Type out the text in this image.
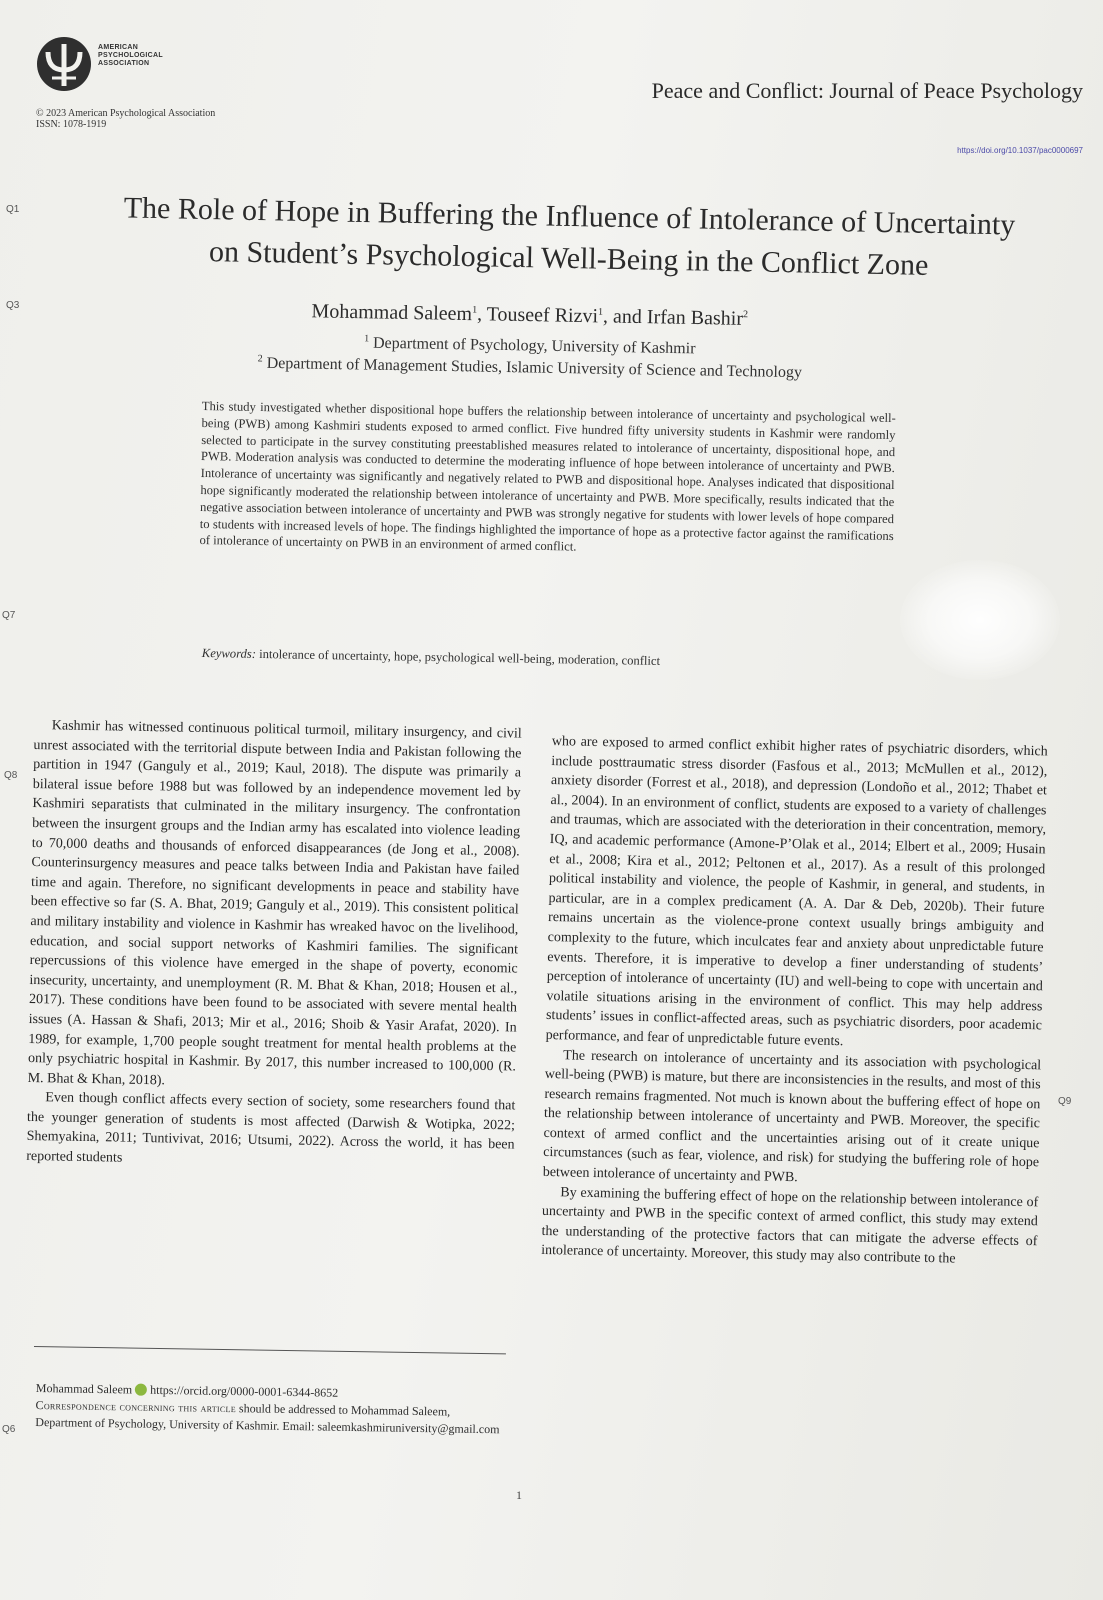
AMERICAN
PSYCHOLOGICAL
ASSOCIATION
© 2023 American Psychological Association
ISSN: 1078-1919
Peace and Conflict: Journal of Peace Psychology
https://doi.org/10.1037/pac0000697
Q1
Q3
Q7
Q8
Q9
Q6
The Role of Hope in Buffering the Influence of Intolerance of Uncertainty
on Student’s Psychological Well-Being in the Conflict Zone
Mohammad Saleem$^1$, Touseef Rizvi$^1$, and Irfan Bashir$^2$
$^1$ Department of Psychology, University of Kashmir
$^2$ Department of Management Studies, Islamic University of Science and Technology
This study investigated whether dispositional hope buffers the relationship between intolerance of uncertainty and psychological well-being (PWB) among Kashmiri students exposed to armed conflict. Five hundred fifty university students in Kashmir were randomly selected to participate in the survey constituting preestablished measures related to intolerance of uncertainty, dispositional hope, and PWB. Moderation analysis was conducted to determine the moderating influence of hope between intolerance of uncertainty and PWB. Intolerance of uncertainty was significantly and negatively related to PWB and dispositional hope. Analyses indicated that dispositional hope significantly moderated the relationship between intolerance of uncertainty and PWB. More specifically, results indicated that the negative association between intolerance of uncertainty and PWB was strongly negative for students with lower levels of hope compared to students with increased levels of hope. The findings highlighted the importance of hope as a protective factor against the ramifications of intolerance of uncertainty on PWB in an environment of armed conflict.
Keywords: intolerance of uncertainty, hope, psychological well-being, moderation, conflict

Kashmir has witnessed continuous political turmoil, military insurgency, and civil unrest associated with the territorial dispute between India and Pakistan following the partition in 1947 (Ganguly et al., 2019; Kaul, 2018). The dispute was primarily a bilateral issue before 1988 but was followed by an independence movement led by Kashmiri separatists that culminated in the military insurgency. The confrontation between the insurgent groups and the Indian army has escalated into violence leading to 70,000 deaths and thousands of enforced disappearances (de Jong et al., 2008). Counterinsurgency measures and peace talks between India and Pakistan have failed time and again. Therefore, no significant developments in peace and stability have been effective so far (S. A. Bhat, 2019; Ganguly et al., 2019). This consistent political and military instability and violence in Kashmir has wreaked havoc on the livelihood, education, and social support networks of Kashmiri families. The significant repercussions of this violence have emerged in the shape of poverty, economic insecurity, uncertainty, and unemployment (R. M. Bhat & Khan, 2018; Housen et al., 2017). These conditions have been found to be associated with severe mental health issues (A. Hassan & Shafi, 2013; Mir et al., 2016; Shoib & Yasir Arafat, 2020). In 1989, for example, 1,700 people sought treatment for mental health problems at the only psychiatric hospital in Kashmir. By 2017, this number increased to 100,000 (R. M. Bhat & Khan, 2018).

Even though conflict affects every section of society, some researchers found that the younger generation of students is most affected (Darwish & Wotipka, 2022; Shemyakina, 2011; Tuntivivat, 2016; Utsumi, 2022). Across the world, it has been reported students

who are exposed to armed conflict exhibit higher rates of psychiatric disorders, which include posttraumatic stress disorder (Fasfous et al., 2013; McMullen et al., 2012), anxiety disorder (Forrest et al., 2018), and depression (Londoño et al., 2012; Thabet et al., 2004). In an environment of conflict, students are exposed to a variety of challenges and traumas, which are associated with the deterioration in their concentration, memory, IQ, and academic performance (Amone-P’Olak et al., 2014; Elbert et al., 2009; Husain et al., 2008; Kira et al., 2012; Peltonen et al., 2017). As a result of this prolonged political instability and violence, the people of Kashmir, in general, and students, in particular, are in a complex predicament (A. A. Dar & Deb, 2020b). Their future remains uncertain as the violence-prone context usually brings ambiguity and complexity to the future, which inculcates fear and anxiety about unpredictable future events. Therefore, it is imperative to develop a finer understanding of students’ perception of intolerance of uncertainty (IU) and well-being to cope with uncertain and volatile situations arising in the environment of conflict. This may help address students’ issues in conflict-affected areas, such as psychiatric disorders, poor academic performance, and fear of unpredictable future events.

The research on intolerance of uncertainty and its association with psychological well-being (PWB) is mature, but there are inconsistencies in the results, and most of this research remains fragmented. Not much is known about the buffering effect of hope on the relationship between intolerance of uncertainty and PWB. Moreover, the specific context of armed conflict and the uncertainties arising out of it create unique circumstances (such as fear, violence, and risk) for studying the buffering role of hope between intolerance of uncertainty and PWB.

By examining the buffering effect of hope on the relationship between intolerance of uncertainty and PWB in the specific context of armed conflict, this study may extend the understanding of the protective factors that can mitigate the adverse effects of intolerance of uncertainty. Moreover, this study may also contribute to the

Mohammad Saleem https://orcid.org/0000-0001-6344-8652
Correspondence concerning this article should be addressed to Mohammad Saleem, Department of Psychology, University of Kashmir. Email: saleemkashmiruniversity@gmail.com
1
